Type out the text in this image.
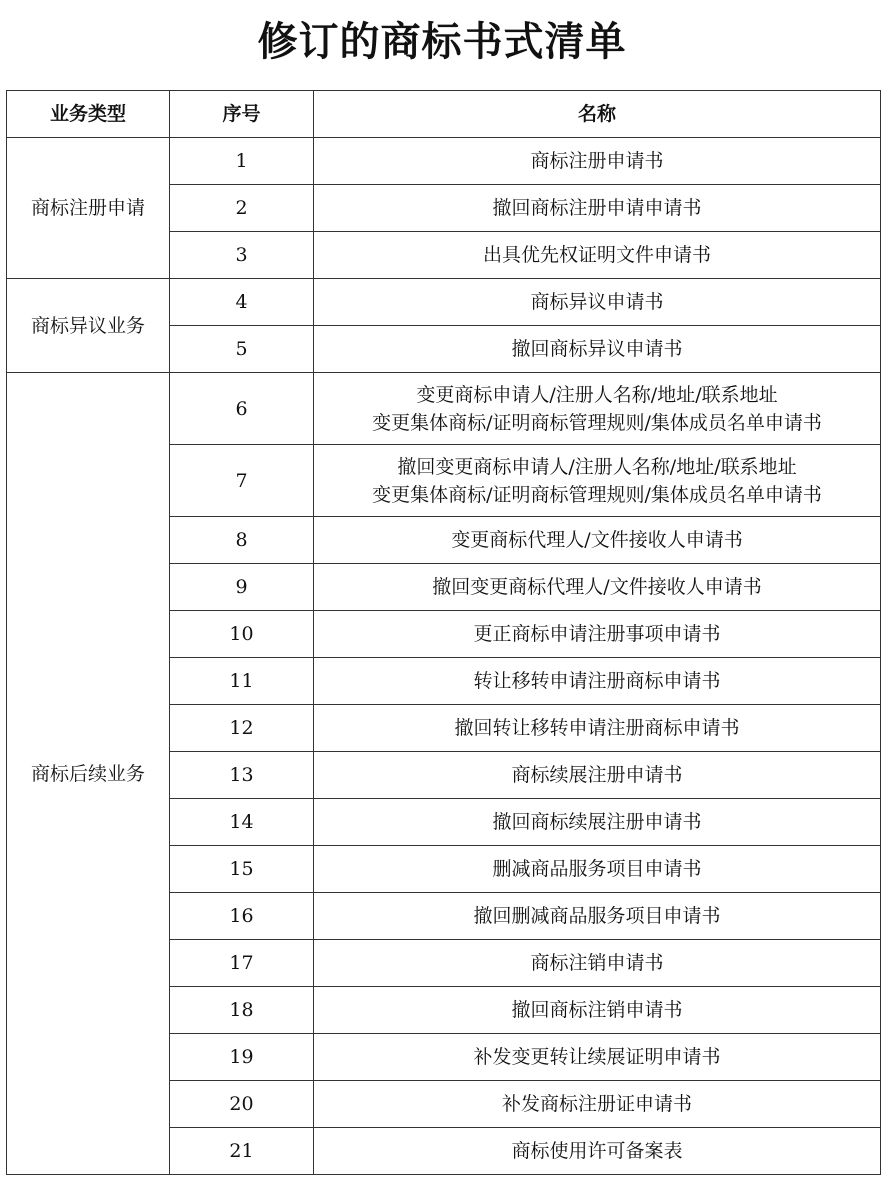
修订的商标书式清单
业务类型	序号	名称
商标注册申请	1	商标注册申请书

	2	撤回商标注册申请申请书

	3	出具优先权证明文件申请书

商标异议业务	4	商标异议申请书

	5	撤回商标异议申请书

商标后续业务	6	变更商标申请人/注册人名称/地址/联系地址
变更集体商标/证明商标管理规则/集体成员名单申请书

	7	撤回变更商标申请人/注册人名称/地址/联系地址
变更集体商标/证明商标管理规则/集体成员名单申请书

	8	变更商标代理人/文件接收人申请书

	9	撤回变更商标代理人/文件接收人申请书

	10	更正商标申请注册事项申请书

	11	转让移转申请注册商标申请书

	12	撤回转让移转申请注册商标申请书

	13	商标续展注册申请书

	14	撤回商标续展注册申请书

	15	删减商品服务项目申请书

	16	撤回删减商品服务项目申请书

	17	商标注销申请书

	18	撤回商标注销申请书

	19	补发变更转让续展证明申请书

	20	补发商标注册证申请书

	21	商标使用许可备案表
